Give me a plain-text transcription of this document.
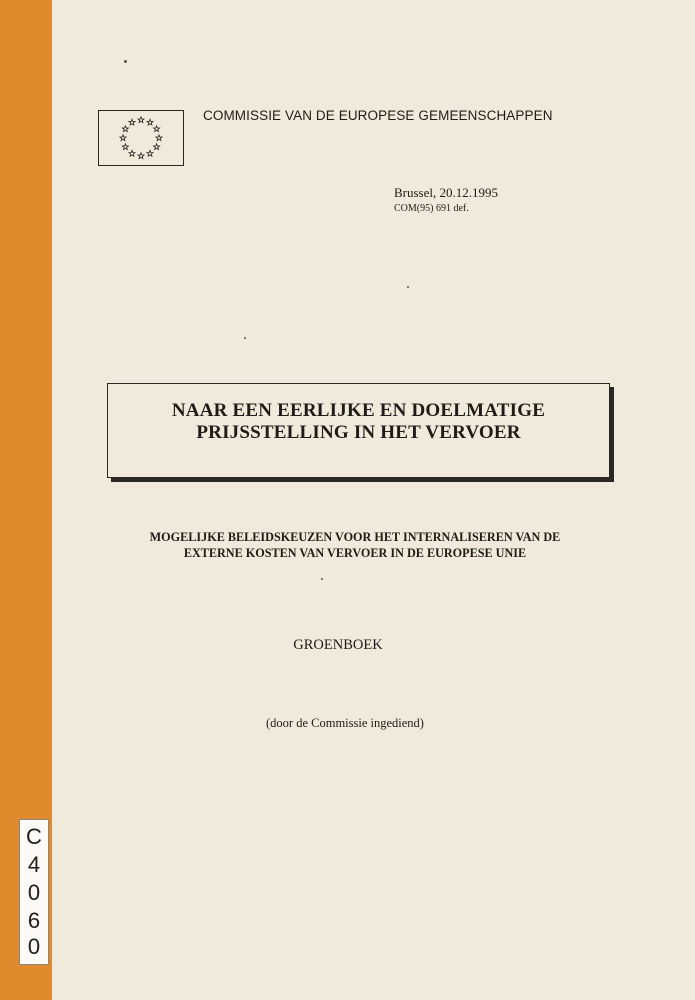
COMMISSIE VAN DE EUROPESE GEMEENSCHAPPEN
Brussel, 20.12.1995
COM(95) 691 def.
NAAR EEN EERLIJKE EN DOELMATIGE
PRIJSSTELLING IN HET VERVOER
MOGELIJKE BELEIDSKEUZEN VOOR HET INTERNALISEREN VAN DE
EXTERNE KOSTEN VAN VERVOER IN DE EUROPESE UNIE
GROENBOEK
(door de Commissie ingediend)
C
4
0
6
0
